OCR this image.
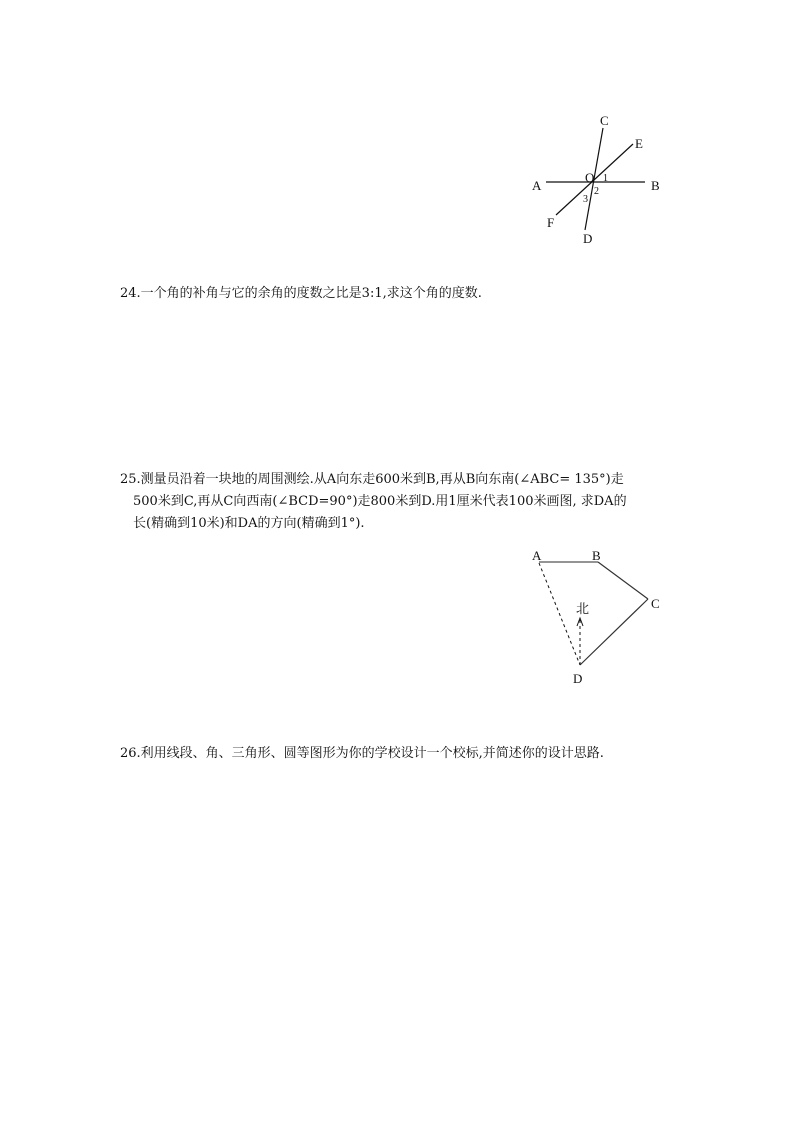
A	B
C
D
E
F
O 1
2
3
北
A	B
C
D
24.一个角的补角与它的余角的度数之比是3:1,求这个角的度数.
25.测量员沿着一块地的周围测绘.从A向东走600米到B,再从B向东南(∠ABC= 135°)走
500米到C,再从C向西南(∠BCD=90°)走800米到D.用1厘米代表100米画图, 求DA的
长(精确到10米)和DA的方向(精确到1°).
26.利用线段、角、三角形、圆等图形为你的学校设计一个校标,并简述你的设计思路.
